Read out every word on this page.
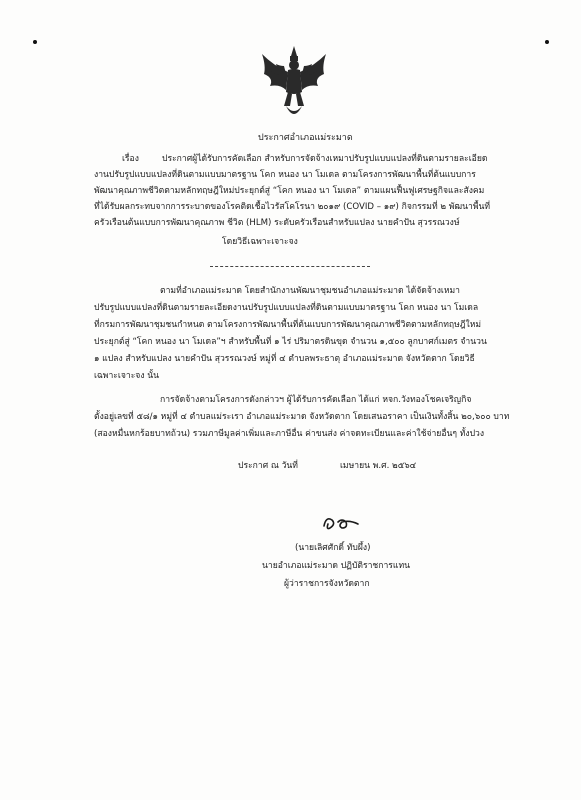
ประกาศอำเภอแม่ระมาด
เรื่อง	ประกาศผู้ได้รับการคัดเลือก สำหรับการจัดจ้างเหมาปรับรูปแบบแปลงที่ดินตามรายละเอียด
งานปรับรูปแบบแปลงที่ดินตามแบบมาตรฐาน โคก หนอง นา โมเดล ตามโครงการพัฒนาพื้นที่ต้นแบบการ
พัฒนาคุณภาพชีวิตตามหลักทฤษฎีใหม่ประยุกต์สู่ “โคก หนอง นา โมเดล” ตามแผนฟื้นฟูเศรษฐกิจและสังคม
ที่ได้รับผลกระทบจากการระบาดของโรคติดเชื้อไวรัสโคโรนา ๒๐๑๙ (COVID – ๑๙) กิจกรรมที่ ๒ พัฒนาพื้นที่
ครัวเรือนต้นแบบการพัฒนาคุณภาพ ชีวิต (HLM) ระดับครัวเรือนสำหรับแปลง นายคำปัน สุวรรณวงษ์
โดยวิธีเฉพาะเจาะจง
ตามที่อำเภอแม่ระมาด โดยสำนักงานพัฒนาชุมชนอำเภอแม่ระมาด ได้จัดจ้างเหมา
ปรับรูปแบบแปลงที่ดินตามรายละเอียดงานปรับรูปแบบแปลงที่ดินตามแบบมาตรฐาน โคก หนอง นา โมเดล
ที่กรมการพัฒนาชุมชนกำหนด ตามโครงการพัฒนาพื้นที่ต้นแบบการพัฒนาคุณภาพชีวิตตามหลักทฤษฎีใหม่
ประยุกต์สู่ “โคก หนอง นา โมเดล”ฯ สำหรับพื้นที่ ๑ ไร่ ปริมาตรดินขุด จำนวน ๑,๕๐๐ ลูกบาศก์เมตร จำนวน
๑ แปลง สำหรับแปลง นายคำปัน สุวรรณวงษ์ หมู่ที่ ๔ ตำบลพระธาตุ อำเภอแม่ระมาด จังหวัดตาก โดยวิธี
เฉพาะเจาะจง นั้น
การจัดจ้างตามโครงการดังกล่าวฯ ผู้ได้รับการคัดเลือก ได้แก่ หจก.วังทองโชคเจริญกิจ
ตั้งอยู่เลขที่ ๕๘/๑ หมู่ที่ ๔ ตำบลแม่ระเรา อำเภอแม่ระมาด จังหวัดตาก โดยเสนอราคา เป็นเงินทั้งสิ้น ๒๐,๖๐๐ บาท
(สองหมื่นหกร้อยบาทถ้วน) รวมภาษีมูลค่าเพิ่มและภาษีอื่น ค่าขนส่ง ค่าจดทะเบียนและค่าใช้จ่ายอื่นๆ ทั้งปวง
ประกาศ ณ วันที่	เมษายน พ.ศ. ๒๕๖๔
(นายเลิศศักดิ์ ทับผึ้ง)
นายอำเภอแม่ระมาด ปฏิบัติราชการแทน
ผู้ว่าราชการจังหวัดตาก
